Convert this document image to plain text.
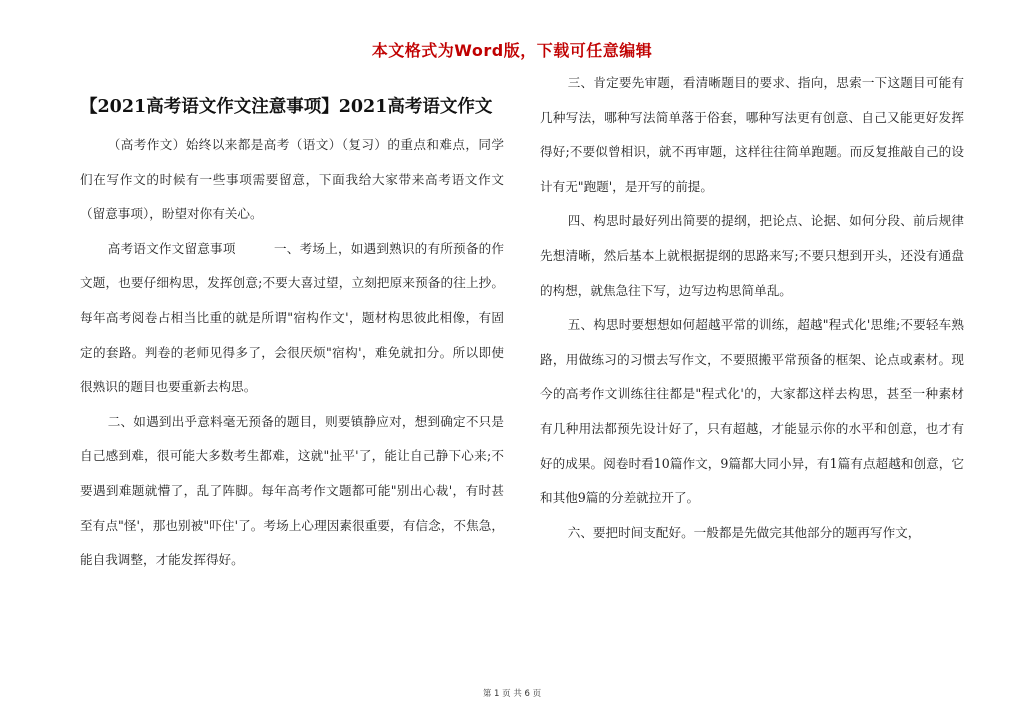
本文格式为Word版，下载可任意编辑
【2021高考语文作文注意事项】2021高考语文作文

（高考作文）始终以来都是高考（语文）（复习）的重点和难点，同学们在写作文的时候有一些事项需要留意，下面我给大家带来高考语文作文（留意事项），盼望对你有关心。

高考语文作文留意事项　　　	一、考场上，如遇到熟识的有所预备的作文题，也要仔细构思，发挥创意;不要大喜过望，立刻把原来预备的往上抄。每年高考阅卷占相当比重的就是所谓"宿构作文'，题材构思彼此相像，有固定的套路。判卷的老师见得多了，会很厌烦"宿构'，难免就扣分。所以即使很熟识的题目也要重新去构思。

二、如遇到出乎意料毫无预备的题目，则要镇静应对，想到确定不只是自己感到难，很可能大多数考生都难，这就"扯平'了，能让自己静下心来;不要遇到难题就懵了，乱了阵脚。每年高考作文题都可能"别出心裁'，有时甚至有点"怪'，那也别被"吓住'了。考场上心理因素很重要，有信念，不焦急，能自我调整，才能发挥得好。

三、肯定要先审题，看清晰题目的要求、指向，思索一下这题目可能有几种写法，哪种写法简单落于俗套，哪种写法更有创意、自己又能更好发挥得好;不要似曾相识，就不再审题，这样往往简单跑题。而反复推敲自己的设计有无"跑题'，是开写的前提。

四、构思时最好列出简要的提纲，把论点、论据、如何分段、前后规律先想清晰，然后基本上就根据提纲的思路来写;不要只想到开头，还没有通盘的构想，就焦急往下写，边写边构思简单乱。

五、构思时要想想如何超越平常的训练，超越"程式化'思维;不要轻车熟路，用做练习的习惯去写作文，不要照搬平常预备的框架、论点或素材。现今的高考作文训练往往都是"程式化'的，大家都这样去构思，甚至一种素材有几种用法都预先设计好了，只有超越，才能显示你的水平和创意，也才有好的成果。阅卷时看10篇作文，9篇都大同小异，有1篇有点超越和创意，它和其他9篇的分差就拉开了。

六、要把时间支配好。一般都是先做完其他部分的题再写作文，

第 1 页 共 6 页
